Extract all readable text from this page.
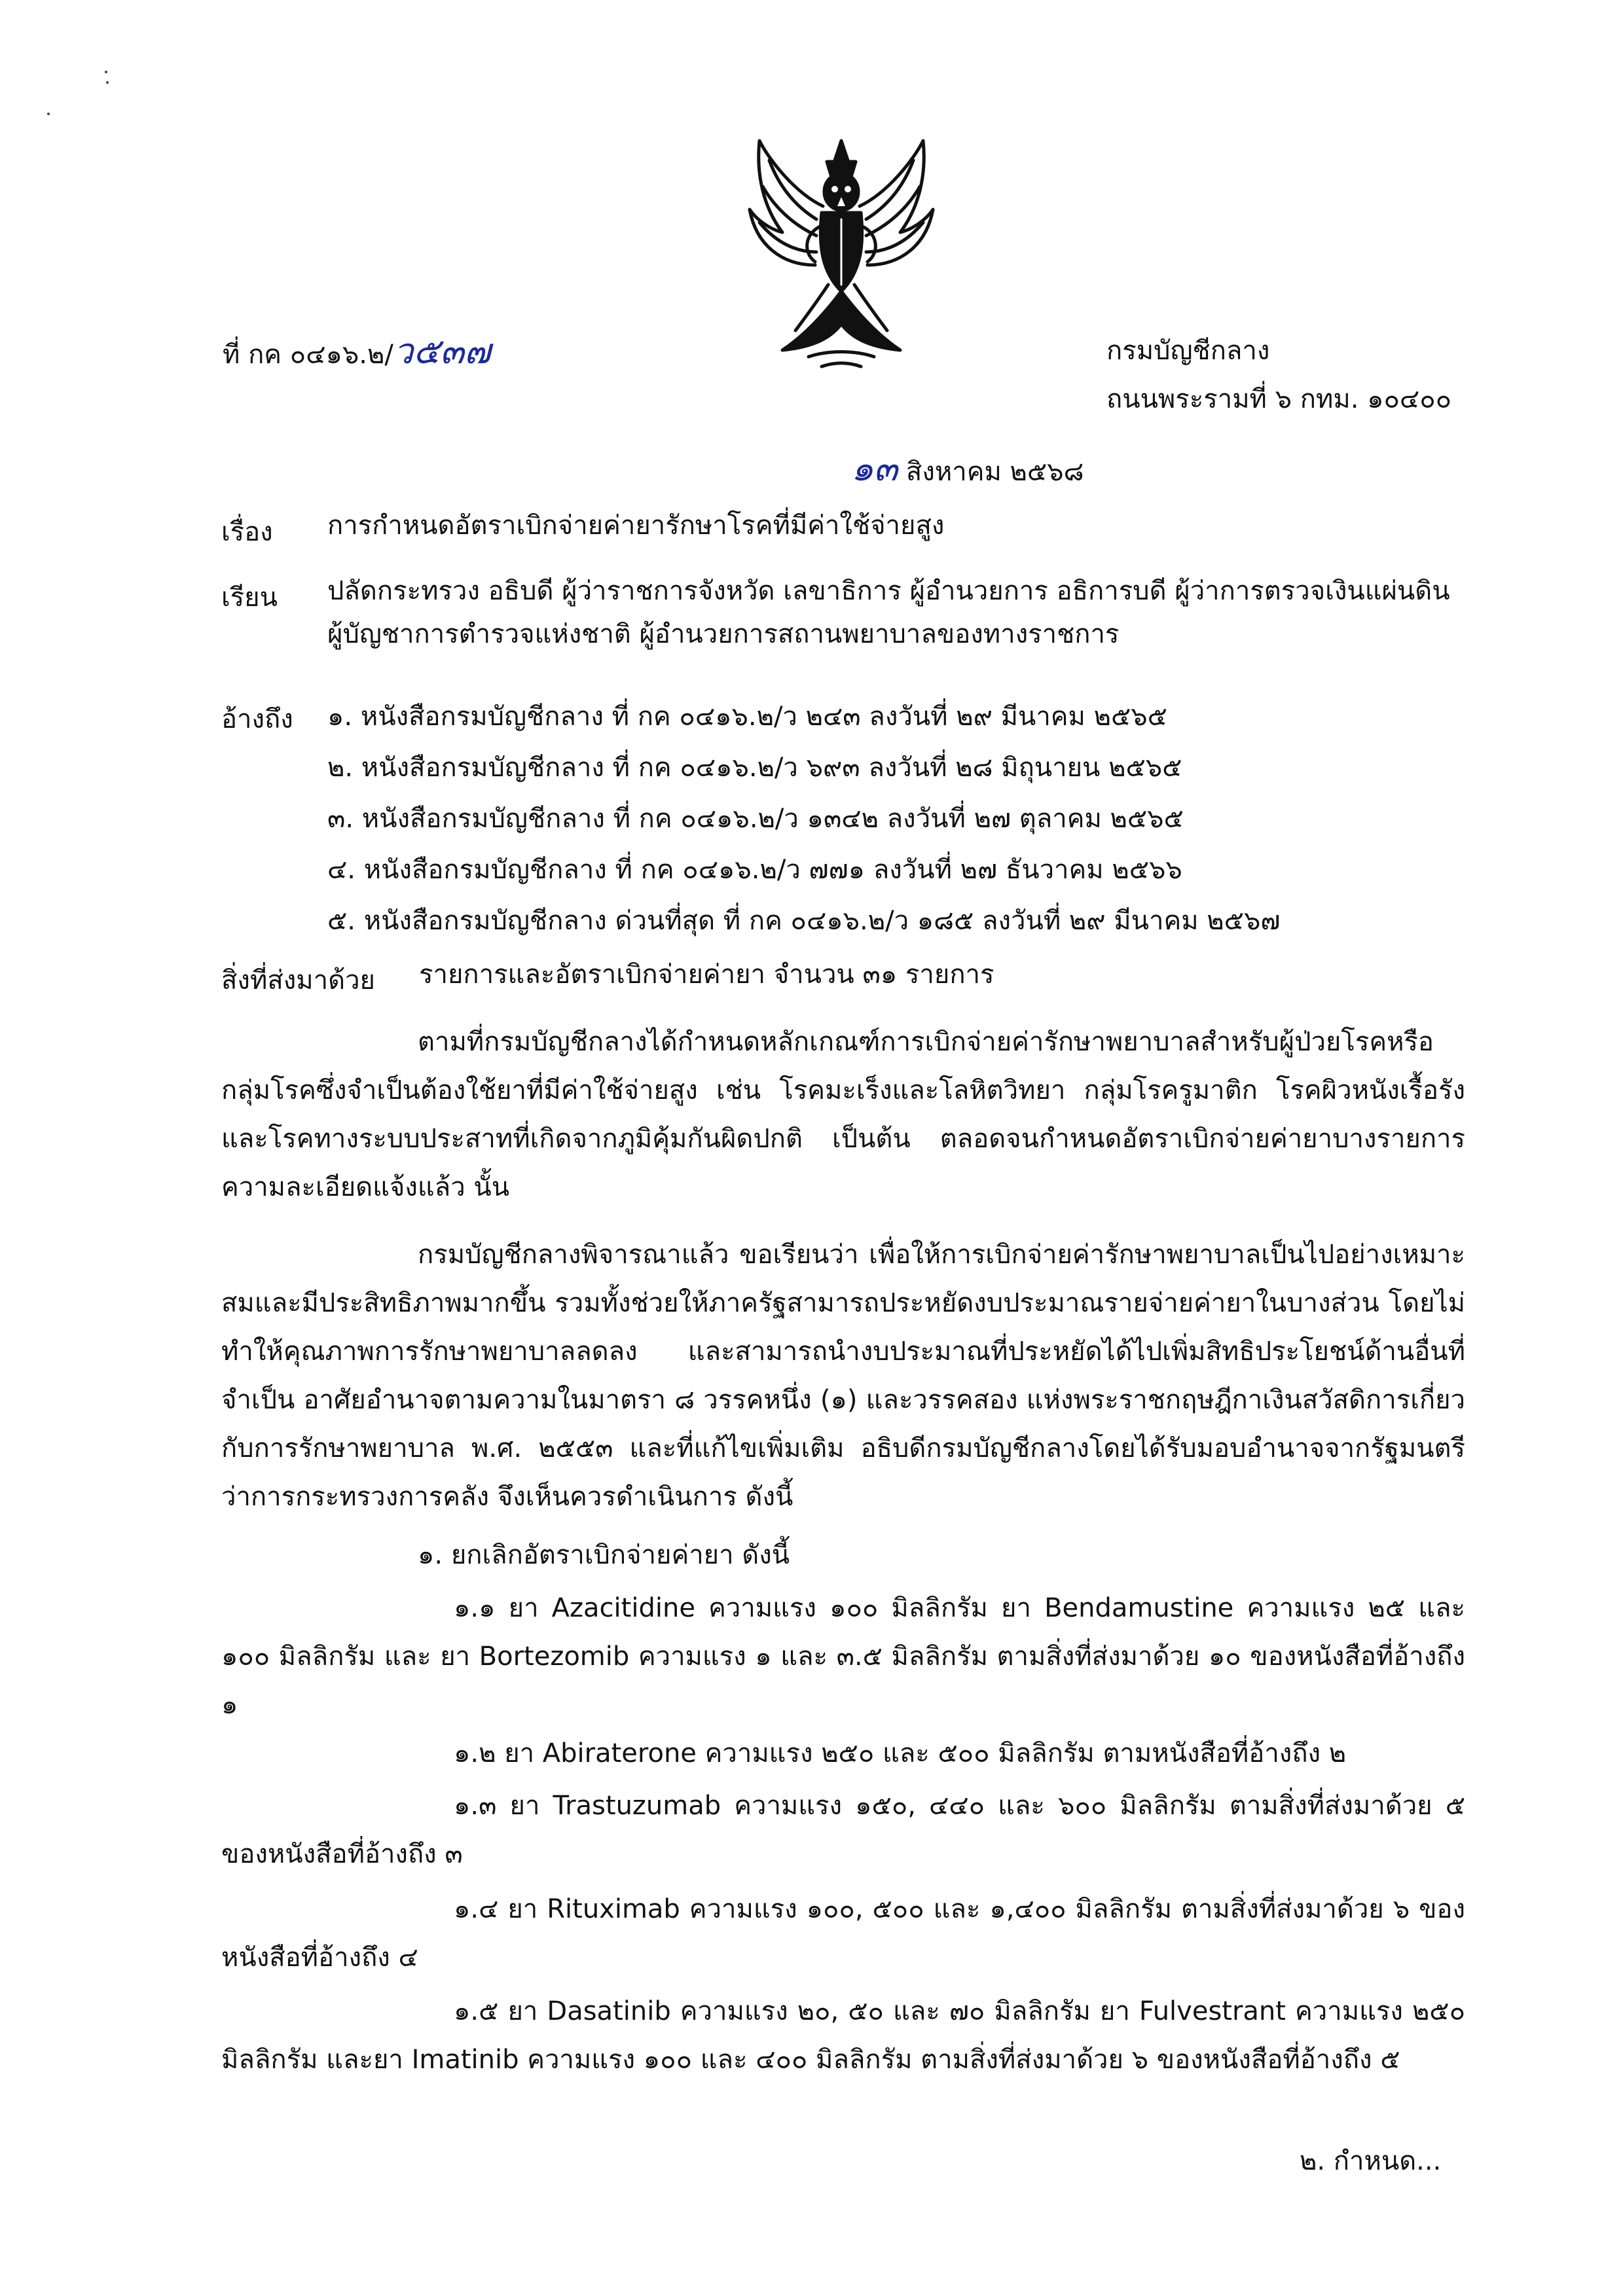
ที่ กค ๐๔๑๖.๒/ว๕๓๗	กรมบัญชีกลาง
ถนนพระรามที่ ๖ กทม. ๑๐๔๐๐
๑๓ สิงหาคม ๒๕๖๘
เรื่อง การกำหนดอัตราเบิกจ่ายค่ายารักษาโรคที่มีค่าใช้จ่ายสูง
เรียน ปลัดกระทรวง อธิบดี ผู้ว่าราชการจังหวัด เลขาธิการ ผู้อำนวยการ อธิการบดี ผู้ว่าการตรวจเงินแผ่นดิน
ผู้บัญชาการตำรวจแห่งชาติ ผู้อำนวยการสถานพยาบาลของทางราชการ
อ้างถึง ๑. หนังสือกรมบัญชีกลาง ที่ กค ๐๔๑๖.๒/ว ๒๔๓ ลงวันที่ ๒๙ มีนาคม ๒๕๖๕
๒. หนังสือกรมบัญชีกลาง ที่ กค ๐๔๑๖.๒/ว ๖๙๓ ลงวันที่ ๒๘ มิถุนายน ๒๕๖๕
๓. หนังสือกรมบัญชีกลาง ที่ กค ๐๔๑๖.๒/ว ๑๓๔๒ ลงวันที่ ๒๗ ตุลาคม ๒๕๖๕
๔. หนังสือกรมบัญชีกลาง ที่ กค ๐๔๑๖.๒/ว ๗๗๑ ลงวันที่ ๒๗ ธันวาคม ๒๕๖๖
๕. หนังสือกรมบัญชีกลาง ด่วนที่สุด ที่ กค ๐๔๑๖.๒/ว ๑๘๕ ลงวันที่ ๒๙ มีนาคม ๒๕๖๗
สิ่งที่ส่งมาด้วย รายการและอัตราเบิกจ่ายค่ายา จำนวน ๓๑ รายการ
ตามที่กรมบัญชีกลางได้กำหนดหลักเกณฑ์การเบิกจ่ายค่ารักษาพยาบาลสำหรับผู้ป่วยโรคหรือกลุ่มโรคซึ่งจำเป็นต้องใช้ยาที่มีค่าใช้จ่ายสูง เช่น โรคมะเร็งและโลหิตวิทยา กลุ่มโรครูมาติก โรคผิวหนังเรื้อรัง และโรคทางระบบประสาทที่เกิดจากภูมิคุ้มกันผิดปกติ เป็นต้น ตลอดจนกำหนดอัตราเบิกจ่ายค่ายาบางรายการ ความละเอียดแจ้งแล้ว นั้น
กรมบัญชีกลางพิจารณาแล้ว ขอเรียนว่า เพื่อให้การเบิกจ่ายค่ารักษาพยาบาลเป็นไปอย่างเหมาะสมและมีประสิทธิภาพมากขึ้น รวมทั้งช่วยให้ภาครัฐสามารถประหยัดงบประมาณรายจ่ายค่ายาในบางส่วน โดยไม่ทำให้คุณภาพการรักษาพยาบาลลดลง และสามารถนำงบประมาณที่ประหยัดได้ไปเพิ่มสิทธิประโยชน์ด้านอื่นที่จำเป็น อาศัยอำนาจตามความในมาตรา ๘ วรรคหนึ่ง (๑) และวรรคสอง แห่งพระราชกฤษฎีกาเงินสวัสดิการเกี่ยวกับการรักษาพยาบาล พ.ศ. ๒๕๕๓ และที่แก้ไขเพิ่มเติม อธิบดีกรมบัญชีกลางโดยได้รับมอบอำนาจจากรัฐมนตรีว่าการกระทรวงการคลัง จึงเห็นควรดำเนินการ ดังนี้
๑. ยกเลิกอัตราเบิกจ่ายค่ายา ดังนี้
๑.๑ ยา Azacitidine ความแรง ๑๐๐ มิลลิกรัม ยา Bendamustine ความแรง ๒๕ และ ๑๐๐ มิลลิกรัม และ ยา Bortezomib ความแรง ๑ และ ๓.๕ มิลลิกรัม ตามสิ่งที่ส่งมาด้วย ๑๐ ของหนังสือที่อ้างถึง ๑
๑.๒ ยา Abiraterone ความแรง ๒๕๐ และ ๕๐๐ มิลลิกรัม ตามหนังสือที่อ้างถึง ๒
๑.๓ ยา Trastuzumab ความแรง ๑๕๐, ๔๔๐ และ ๖๐๐ มิลลิกรัม ตามสิ่งที่ส่งมาด้วย ๕ ของหนังสือที่อ้างถึง ๓
๑.๔ ยา Rituximab ความแรง ๑๐๐, ๕๐๐ และ ๑,๔๐๐ มิลลิกรัม ตามสิ่งที่ส่งมาด้วย ๖ ของหนังสือที่อ้างถึง ๔
๑.๕ ยา Dasatinib ความแรง ๒๐, ๕๐ และ ๗๐ มิลลิกรัม ยา Fulvestrant ความแรง ๒๕๐ มิลลิกรัม และยา Imatinib ความแรง ๑๐๐ และ ๔๐๐ มิลลิกรัม ตามสิ่งที่ส่งมาด้วย ๖ ของหนังสือที่อ้างถึง ๕
๒. กำหนด...
